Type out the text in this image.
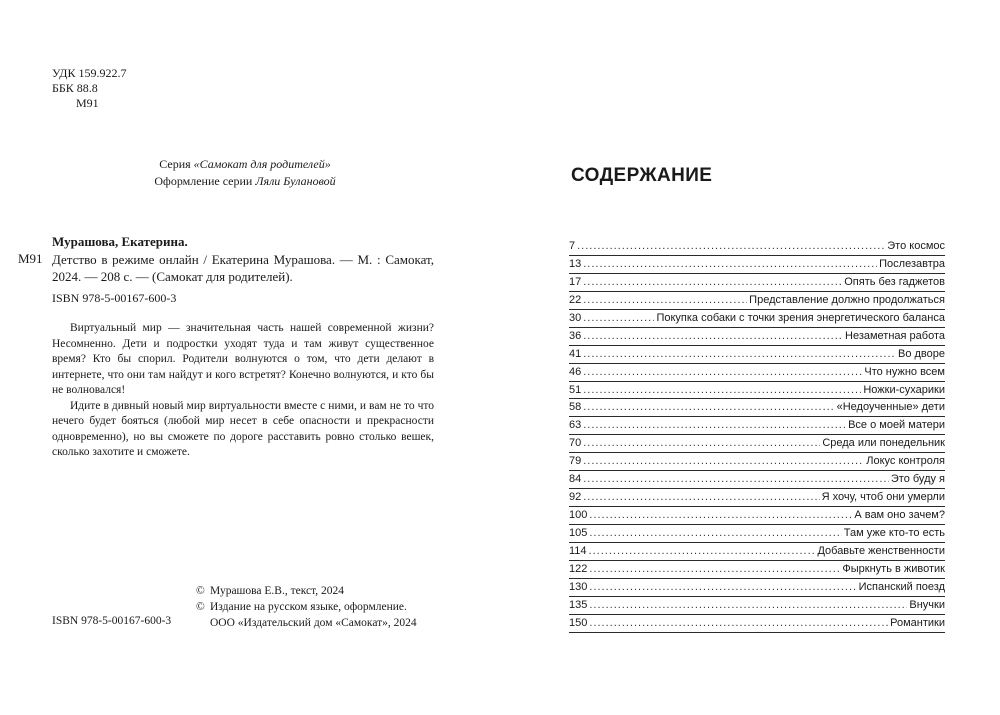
УДК 159.922.7
ББК 88.8
М91
Серия «Самокат для родителей»
Оформление серии Ляли Булановой
Мурашова, Екатерина.
М91 Детство в режиме онлайн / Екатерина Мурашова. — М. : Самокат, 2024. — 208 с. — (Самокат для родителей).
ISBN 978-5-00167-600-3

Виртуальный мир — значительная часть нашей современной жизни? Несомненно. Дети и подростки уходят туда и там живут существенное время? Кто бы спорил. Родители волнуются о том, что дети делают в интернете, что они там найдут и кого встретят? Конечно волнуются, и кто бы не волновался!

Идите в дивный новый мир виртуальности вместе с ними, и вам не то что нечего будет бояться (любой мир несет в себе опасности и прекрасности одновременно), но вы сможете по дороге расставить ровно столько вешек, сколько захотите и сможете.

© Мурашова Е.В., текст, 2024
© Издание на русском языке, оформление.
ООО «Издательский дом «Самокат», 2024
ISBN 978-5-00167-600-3
СОДЕРЖАНИЕ
7 .....	Это космос
13 .....	Послезавтра
17 .....	Опять без гаджетов
22 .....	Представление должно продолжаться
30 .....	Покупка собаки с точки зрения энергетического баланса
36 .....	Незаметная работа
41 .....	Во дворе
46 .....	Что нужно всем
51 .....	Ножки-сухарики
58 .....	«Недоученные» дети
63 .....	Все о моей матери
70 .....	Среда или понедельник
79 .....	Локус контроля
84 .....	Это буду я
92 .....	Я хочу, чтоб они умерли
100 .....	А вам оно зачем?
105 .....	Там уже кто-то есть
114 .....	Добавьте женственности
122 .....	Фыркнуть в животик
130 .....	Испанский поезд
135 .....	Внучки
150 .....	Романтики
